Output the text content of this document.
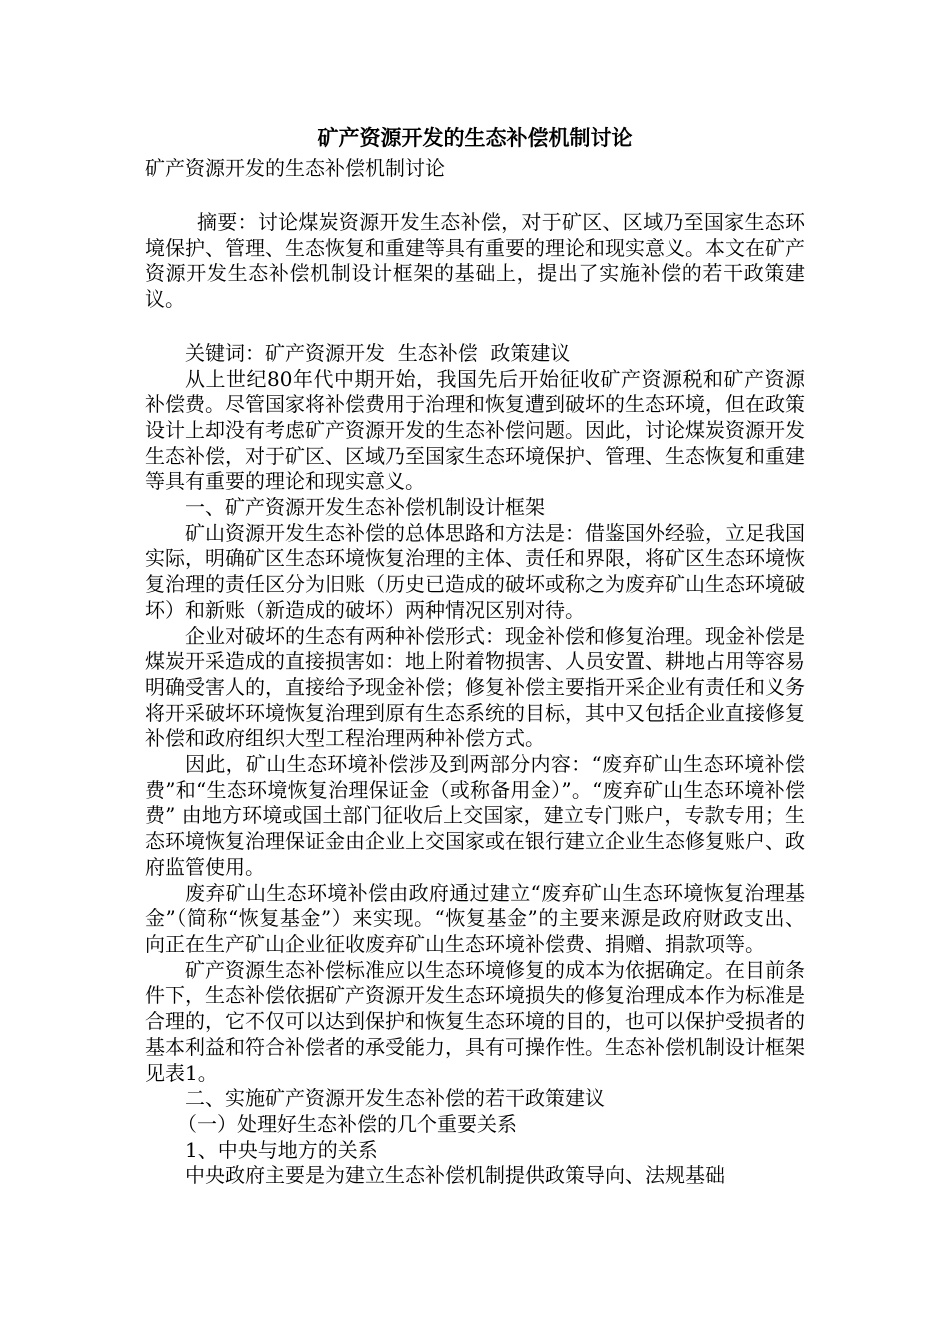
矿产资源开发的生态补偿机制讨论

矿产资源开发的生态补偿机制讨论

摘要：讨论煤炭资源开发生态补偿，对于矿区、区域乃至国家生态环境保护、管理、生态恢复和重建等具有重要的理论和现实意义。本文在矿产资源开发生态补偿机制设计框架的基础上，提出了实施补偿的若干政策建议。

关键词：矿产资源开发  生态补偿  政策建议

从上世纪80年代中期开始，我国先后开始征收矿产资源税和矿产资源补偿费。尽管国家将补偿费用于治理和恢复遭到破坏的生态环境，但在政策设计上却没有考虑矿产资源开发的生态补偿问题。因此，讨论煤炭资源开发生态补偿，对于矿区、区域乃至国家生态环境保护、管理、生态恢复和重建等具有重要的理论和现实意义。

一、矿产资源开发生态补偿机制设计框架

矿山资源开发生态补偿的总体思路和方法是：借鉴国外经验，立足我国实际，明确矿区生态环境恢复治理的主体、责任和界限，将矿区生态环境恢复治理的责任区分为旧账（历史已造成的破坏或称之为废弃矿山生态环境破坏）和新账（新造成的破坏）两种情况区别对待。

企业对破坏的生态有两种补偿形式：现金补偿和修复治理。现金补偿是煤炭开采造成的直接损害如：地上附着物损害、人员安置、耕地占用等容易明确受害人的，直接给予现金补偿；修复补偿主要指开采企业有责任和义务将开采破坏环境恢复治理到原有生态系统的目标，其中又包括企业直接修复补偿和政府组织大型工程治理两种补偿方式。

因此，矿山生态环境补偿涉及到两部分内容：“废弃矿山生态环境补偿费”和“生态环境恢复治理保证金（或称备用金）”。“废弃矿山生态环境补偿费” 由地方环境或国土部门征收后上交国家，建立专门账户，专款专用；生态环境恢复治理保证金由企业上交国家或在银行建立企业生态修复账户、政府监管使用。

废弃矿山生态环境补偿由政府通过建立“废弃矿山生态环境恢复治理基金”（简称“恢复基金”）来实现。“恢复基金”的主要来源是政府财政支出、向正在生产矿山企业征收废弃矿山生态环境补偿费、捐赠、捐款项等。

矿产资源生态补偿标准应以生态环境修复的成本为依据确定。在目前条件下，生态补偿依据矿产资源开发生态环境损失的修复治理成本作为标准是合理的，它不仅可以达到保护和恢复生态环境的目的，也可以保护受损者的基本利益和符合补偿者的承受能力，具有可操作性。生态补偿机制设计框架见表1。

二、实施矿产资源开发生态补偿的若干政策建议

（一）处理好生态补偿的几个重要关系

1、中央与地方的关系

中央政府主要是为建立生态补偿机制提供政策导向、法规基础
